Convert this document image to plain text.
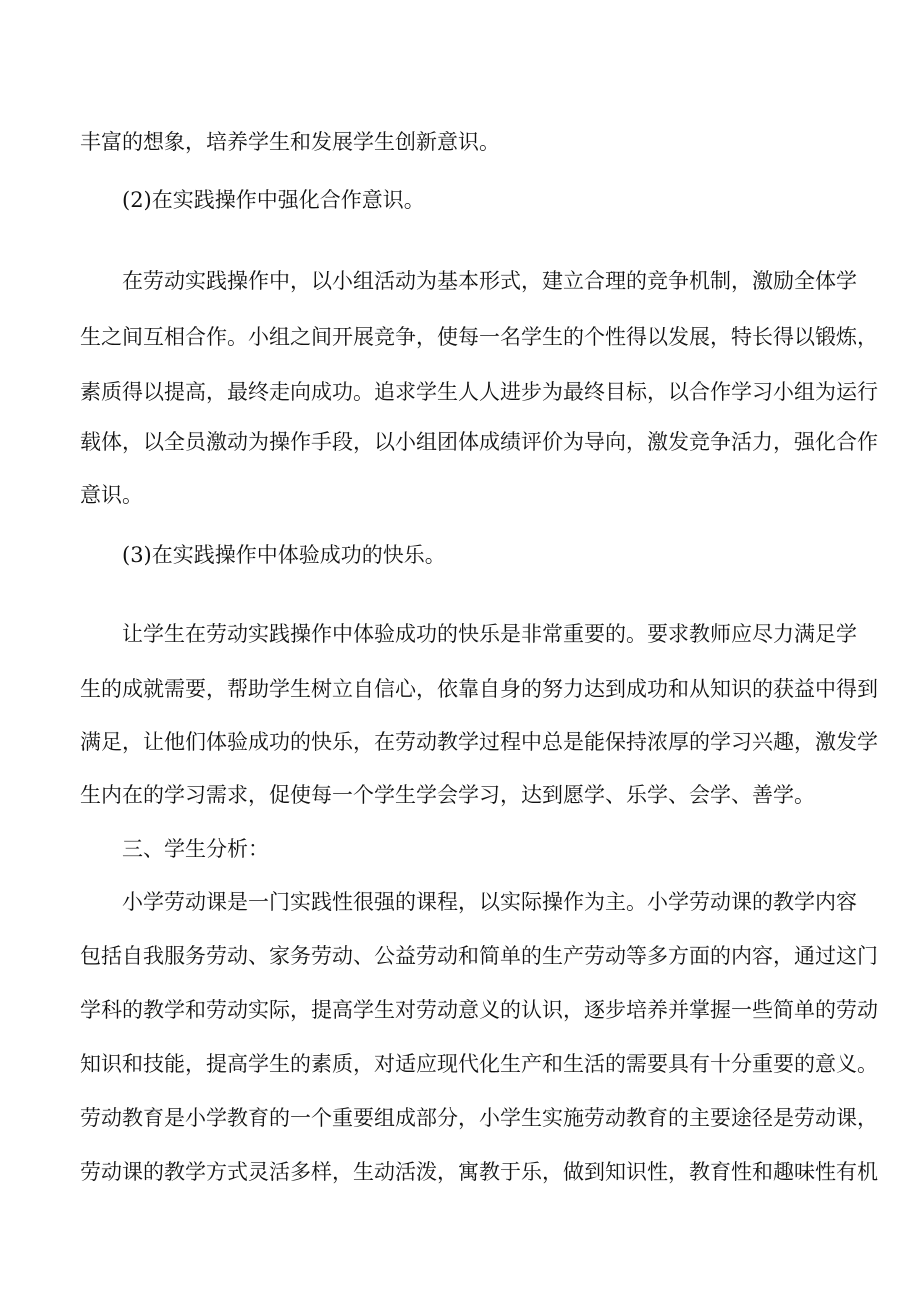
丰富的想象，培养学生和发展学生创新意识。
(2)在实践操作中强化合作意识。
在劳动实践操作中，以小组活动为基本形式，建立合理的竞争机制，激励全体学
生之间互相合作。小组之间开展竞争，使每一名学生的个性得以发展，特长得以锻炼，
素质得以提高，最终走向成功。追求学生人人进步为最终目标，以合作学习小组为运行
载体，以全员激动为操作手段，以小组团体成绩评价为导向，激发竞争活力，强化合作
意识。
(3)在实践操作中体验成功的快乐。
让学生在劳动实践操作中体验成功的快乐是非常重要的。要求教师应尽力满足学
生的成就需要，帮助学生树立自信心，依靠自身的努力达到成功和从知识的获益中得到
满足，让他们体验成功的快乐，在劳动教学过程中总是能保持浓厚的学习兴趣，激发学
生内在的学习需求，促使每一个学生学会学习，达到愿学、乐学、会学、善学。
三、学生分析：
小学劳动课是一门实践性很强的课程，以实际操作为主。小学劳动课的教学内容
包括自我服务劳动、家务劳动、公益劳动和简单的生产劳动等多方面的内容，通过这门
学科的教学和劳动实际，提高学生对劳动意义的认识，逐步培养并掌握一些简单的劳动
知识和技能，提高学生的素质，对适应现代化生产和生活的需要具有十分重要的意义。
劳动教育是小学教育的一个重要组成部分，小学生实施劳动教育的主要途径是劳动课，
劳动课的教学方式灵活多样，生动活泼，寓教于乐，做到知识性，教育性和趣味性有机
